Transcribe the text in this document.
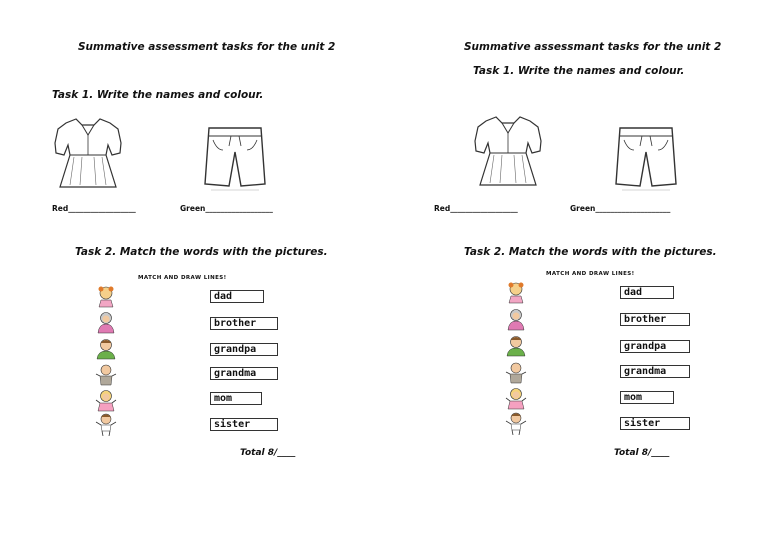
Summative assessment tasks for the unit 2

Task 1. Write the names and colour.

Red__________________	Green__________________

Task 2. Match the words with the pictures.

MATCH AND DRAW LINES!
dad
brother
grandpa
grandma
mom
sister

Total 8/____

Summative assessmant tasks for the unit 2

Task 1. Write the names and colour.

Red__________________	Green____________________

Task 2. Match the words with the pictures.

MATCH AND DRAW LINES!
dad
brother
grandpa
grandma
mom
sister

Total 8/____
